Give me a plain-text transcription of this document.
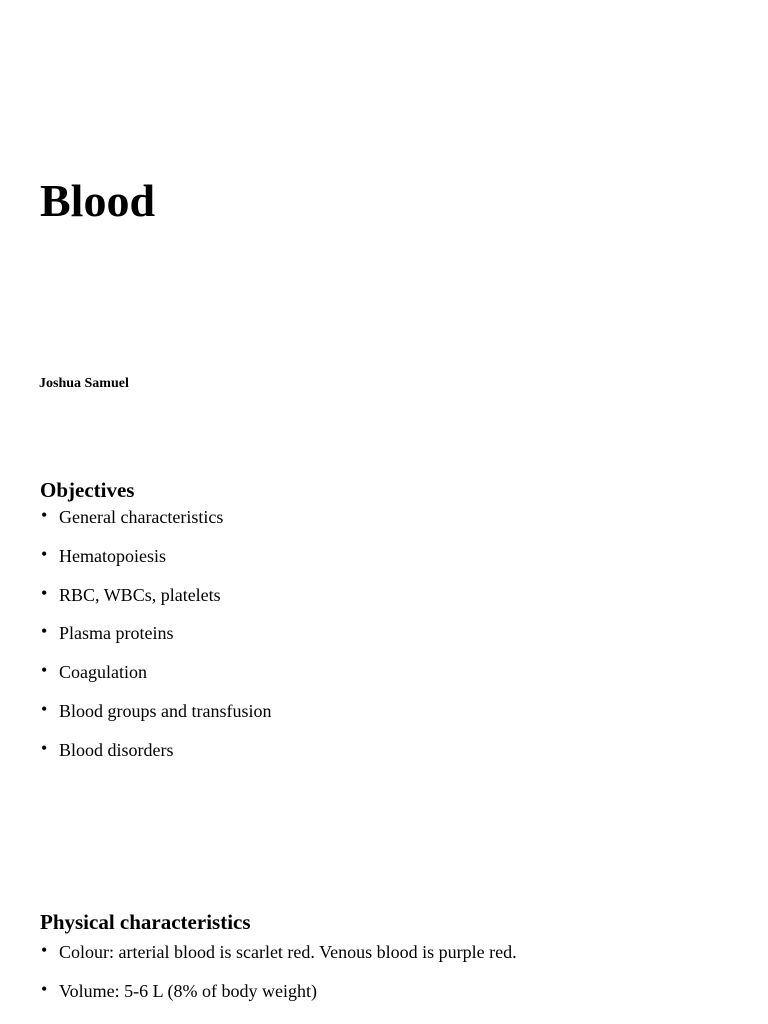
Blood

Joshua Samuel

Objectives
• General characteristics
• Hematopoiesis
• RBC, WBCs, platelets
• Plasma proteins
• Coagulation
• Blood groups and transfusion
• Blood disorders
Physical characteristics
• Colour: arterial blood is scarlet red. Venous blood is purple red.
• Volume: 5-6 L (8% of body weight)
